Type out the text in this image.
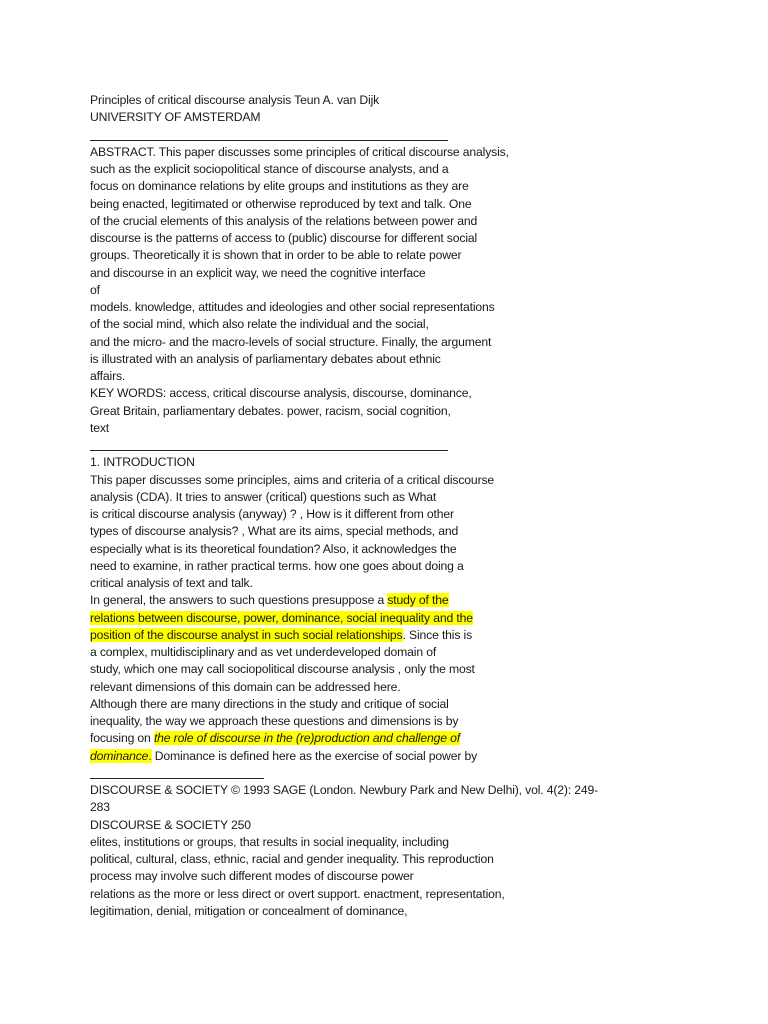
Principles of critical discourse analysis Teun A. van Dijk
UNIVERSITY OF AMSTERDAM
ABSTRACT. This paper discusses some principles of critical discourse analysis,
such as the explicit sociopolitical stance of discourse analysts, and a
focus on dominance relations by elite groups and institutions as they are
being enacted, legitimated or otherwise reproduced by text and talk. One
of the crucial elements of this analysis of the relations between power and
discourse is the patterns of access to (public) discourse for different social
groups. Theoretically it is shown that in order to be able to relate power
and discourse in an explicit way, we need the cognitive interface
of
models. knowledge, attitudes and ideologies and other social representations
of the social mind, which also relate the individual and the social,
and the micro- and the macro-levels of social structure. Finally, the argument
is illustrated with an analysis of parliamentary debates about ethnic
affairs.
KEY WORDS: access, critical discourse analysis, discourse, dominance,
Great Britain, parliamentary debates. power, racism, social cognition,
text
1. INTRODUCTION
This paper discusses some principles, aims and criteria of a critical discourse
analysis (CDA). It tries to answer (critical) questions such as What
is critical discourse analysis (anyway) ? , How is it different from other
types of discourse analysis? , What are its aims, special methods, and
especially what is its theoretical foundation? Also, it acknowledges the
need to examine, in rather practical terms. how one goes about doing a
critical analysis of text and talk.
In general, the answers to such questions presuppose a study of the
relations between discourse, power, dominance, social inequality and the
position of the discourse analyst in such social relationships. Since this is
a complex, multidisciplinary and as vet underdeveloped domain of
study, which one may call sociopolitical discourse analysis , only the most
relevant dimensions of this domain can be addressed here.
Although there are many directions in the study and critique of social
inequality, the way we approach these questions and dimensions is by
focusing on the role of discourse in the (re)production and challenge of
dominance. Dominance is defined here as the exercise of social power by
DISCOURSE & SOCIETY © 1993 SAGE (London. Newbury Park and New Delhi), vol. 4(2): 249-
283
DISCOURSE & SOCIETY 250
elites, institutions or groups, that results in social inequality, including
political, cultural, class, ethnic, racial and gender inequality. This reproduction
process may involve such different modes of discourse power
relations as the more or less direct or overt support. enactment, representation,
legitimation, denial, mitigation or concealment of dominance,
